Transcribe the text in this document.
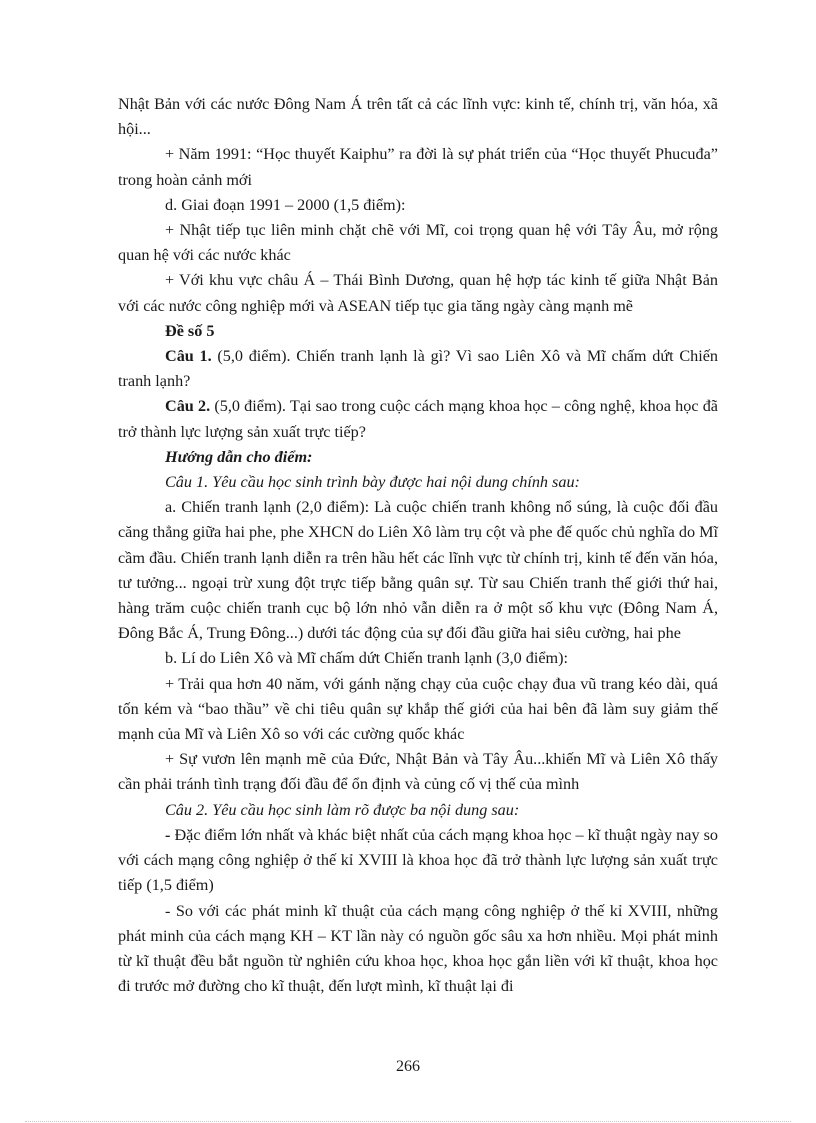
Nhật Bản với các nước Đông Nam Á trên tất cả các lĩnh vực: kinh tế, chính trị, văn hóa, xã hội...

+ Năm 1991: “Học thuyết Kaiphu” ra đời là sự phát triển của “Học thuyết Phucuđa” trong hoàn cảnh mới

d. Giai đoạn 1991 – 2000 (1,5 điểm):

+ Nhật tiếp tục liên minh chặt chẽ với Mĩ, coi trọng quan hệ với Tây Âu, mở rộng quan hệ với các nước khác

+ Với khu vực châu Á – Thái Bình Dương, quan hệ hợp tác kinh tế giữa Nhật Bản với các nước công nghiệp mới và ASEAN tiếp tục gia tăng ngày càng mạnh mẽ

Đề số 5

Câu 1. (5,0 điểm). Chiến tranh lạnh là gì? Vì sao Liên Xô và Mĩ chấm dứt Chiến tranh lạnh?

Câu 2. (5,0 điểm). Tại sao trong cuộc cách mạng khoa học – công nghệ, khoa học đã trở thành lực lượng sản xuất trực tiếp?

Hướng dẫn cho điểm:

Câu 1. Yêu cầu học sinh trình bày được hai nội dung chính sau:

a. Chiến tranh lạnh (2,0 điểm): Là cuộc chiến tranh không nổ súng, là cuộc đối đầu căng thẳng giữa hai phe, phe XHCN do Liên Xô làm trụ cột và phe đế quốc chủ nghĩa do Mĩ cầm đầu. Chiến tranh lạnh diễn ra trên hầu hết các lĩnh vực từ chính trị, kinh tế đến văn hóa, tư tưởng... ngoại trừ xung đột trực tiếp bằng quân sự. Từ sau Chiến tranh thế giới thứ hai, hàng trăm cuộc chiến tranh cục bộ lớn nhỏ vẫn diễn ra ở một số khu vực (Đông Nam Á, Đông Bắc Á, Trung Đông...) dưới tác động của sự đối đầu giữa hai siêu cường, hai phe

b. Lí do Liên Xô và Mĩ chấm dứt Chiến tranh lạnh (3,0 điểm):

+ Trải qua hơn 40 năm, với gánh nặng chạy của cuộc chạy đua vũ trang kéo dài, quá tốn kém và “bao thầu” về chi tiêu quân sự khắp thế giới của hai bên đã làm suy giảm thế mạnh của Mĩ và Liên Xô so với các cường quốc khác

+ Sự vươn lên mạnh mẽ của Đức, Nhật Bản và Tây Âu...khiến Mĩ và Liên Xô thấy cần phải tránh tình trạng đối đầu để ổn định và củng cố vị thế của mình

Câu 2. Yêu cầu học sinh làm rõ được ba nội dung sau:

- Đặc điểm lớn nhất và khác biệt nhất của cách mạng khoa học – kĩ thuật ngày nay so với cách mạng công nghiệp ở thế kỉ XVIII là khoa học đã trở thành lực lượng sản xuất trực tiếp (1,5 điểm)

- So với các phát minh kĩ thuật của cách mạng công nghiệp ở thế kỉ XVIII, những phát minh của cách mạng KH – KT lần này có nguồn gốc sâu xa hơn nhiều. Mọi phát minh từ kĩ thuật đều bắt nguồn từ nghiên cứu khoa học, khoa học gắn liền với kĩ thuật, khoa học đi trước mở đường cho kĩ thuật, đến lượt mình, kĩ thuật lại đi

266
